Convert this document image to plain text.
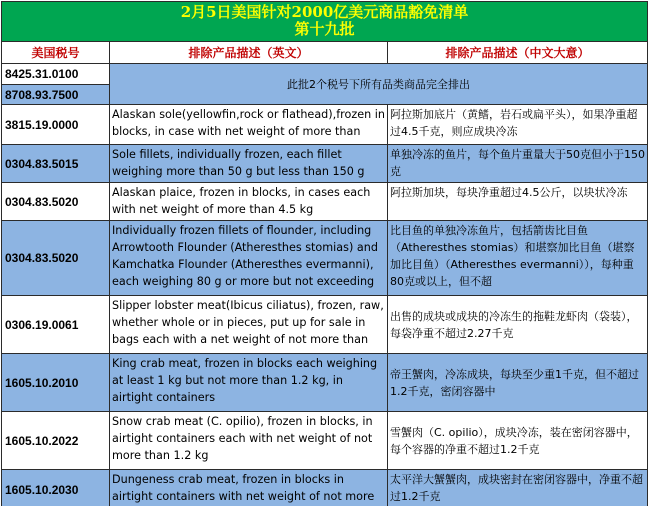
2月5日美国针对2000亿美元商品豁免清单
第十九批		

美国税号	排除产品描述（英文）	排除产品描述（中文大意）
8425.31.0100	此批2个税号下所有品类商品完全排出	
8708.93.7500		
3815.19.0000	Alaskan sole(yellowfin,rock or flathead),frozen in blocks, in case with net weight of more than	阿拉斯加底片（黄鳍，岩石或扁平头），如果净重超过4.5千克，则应成块冷冻

0304.83.5015	Sole fillets, individually frozen, each fillet weighing more than 50 g but less than 150 g	单独冷冻的鱼片，每个鱼片重量大于50克但小于150克

0304.83.5020	Alaskan plaice, frozen in blocks, in cases each with net weight of more than 4.5 kg	阿拉斯加块，每块净重超过4.5公斤，以块状冷冻

0304.83.5020	Individually frozen fillets of flounder, including Arrowtooth Flounder (Atheresthes stomias) and Kamchatka Flounder (Atheresthes evermanni), each weighing 80 g or more but not exceeding	比目鱼的单独冷冻鱼片，包括箭齿比目鱼（Atheresthes stomias）和堪察加比目鱼（堪察加比目鱼）（Atheresthes evermanni）），每种重80克或以上，但不超

0306.19.0061	Slipper lobster meat(Ibicus ciliatus), frozen, raw, whether whole or in pieces, put up for sale in bags each with a net weight of not more than	出售的成块或成块的冷冻生的拖鞋龙虾肉（袋装），每袋净重不超过2.27千克

1605.10.2010	King crab meat, frozen in blocks each weighing at least 1 kg but not more than 1.2 kg, in airtight containers	帝王蟹肉，冷冻成块，每块至少重1千克，但不超过1.2千克，密闭容器中

1605.10.2022	Snow crab meat (C. opilio), frozen in blocks, in airtight containers each with net weight of not more than 1.2 kg	雪蟹肉（C. opilio），成块冷冻，装在密闭容器中，每个容器的净重不超过1.2千克

1605.10.2030	Dungeness crab meat, frozen in blocks in airtight containers with net weight of not more	太平洋大蟹蟹肉，成块密封在密闭容器中，净重不超过1.2千克
